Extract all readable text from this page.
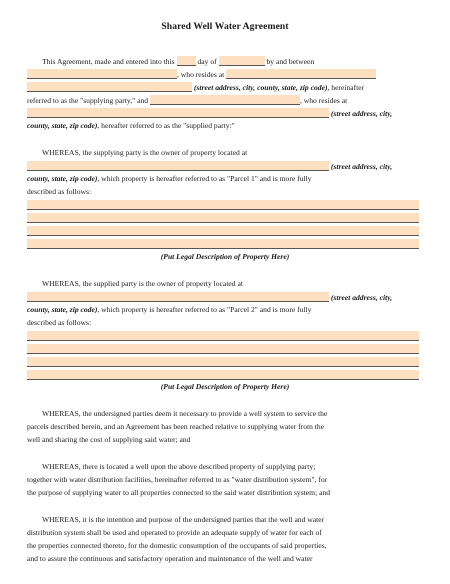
Shared Well Water Agreement
This Agreement, made and entered into this	day of	by and between
, who resides at
(street address, city, county, state, zip code), hereinafter
referred to as the "supplying party," and	, who resides at
(street address, city,
county, state, zip code), hereafter referred to as the "supplied party:"
WHEREAS, the supplying party is the owner of property located at
(street address, city,
county, state, zip code), which property is hereafter referred to as "Parcel 1" and is more fully
described as follows:
(Put Legal Description of Property Here)
WHEREAS, the supplied party is the owner of property located at
(street address, city,
county, state, zip code), which property is hereafter referred to as "Parcel 2" and is more fully
described as follows:
(Put Legal Description of Property Here)
WHEREAS, the undersigned parties deem it necessary to provide a well system to service the
parcels described herein, and an Agreement has been reached relative to supplying water from the
well and sharing the cost of supplying said water; and
WHEREAS, there is located a well upon the above described property of supplying party;
together with water distribution facilities, hereinafter referred to as "water distribution system", for
the purpose of supplying water to all properties connected to the said water distribution system; and
WHEREAS, it is the intention and purpose of the undersigned parties that the well and water
distribution system shall be used and operated to provide an adequate supply of water for each of
the properties connected thereto, for the domestic consumption of the occupants of said properties,
and to assure the continuous and satisfactory operation and maintenance of the well and water
